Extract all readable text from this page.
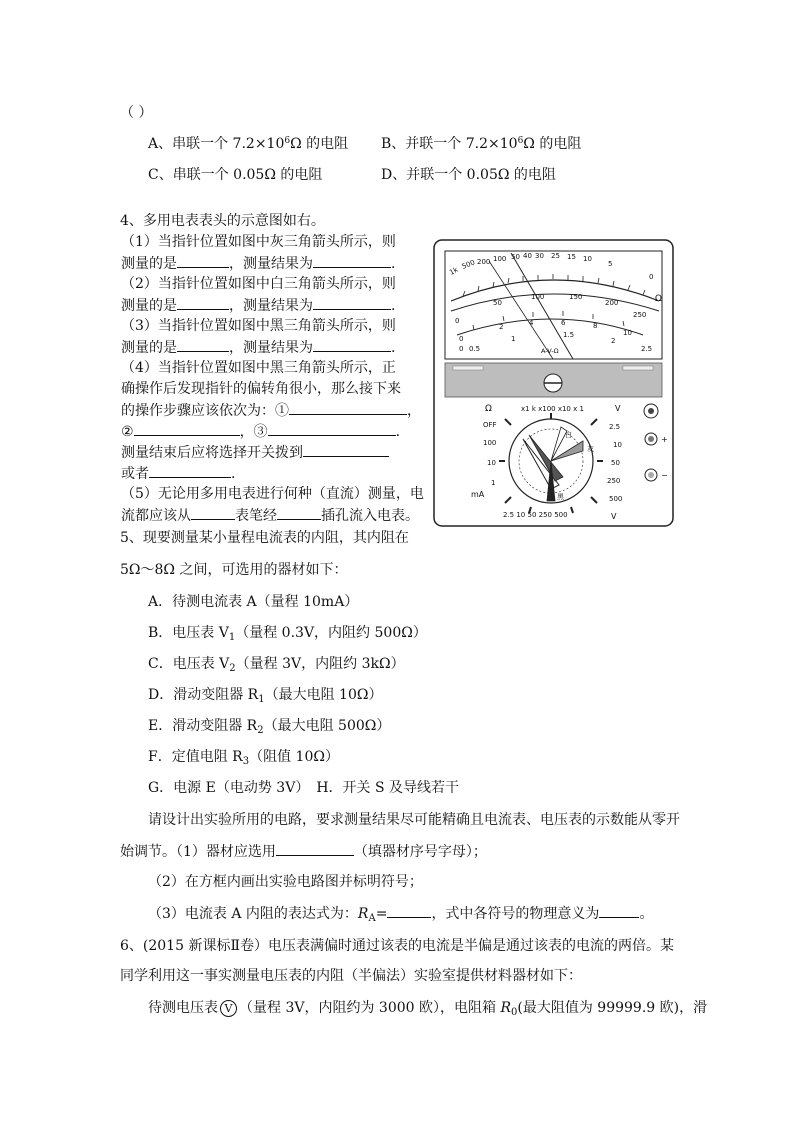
（ ）
A、串联一个 $7.2\times 10^6\Omega$ 的电阻 B、并联一个 $7.2\times 10^6\Omega$ 的电阻
C、串联一个 0.05Ω 的电阻	D、并联一个 0.05Ω 的电阻
4、多用电表表头的示意图如右。
（1）当指针位置如图中灰三角箭头所示，则
测量的是	，测量结果为	.
（2）当指针位置如图中白三角箭头所示，则
测量的是	，测量结果为	.
（3）当指针位置如图中黑三角箭头所示，则
测量的是	，测量结果为	.
（4）当指针位置如图中黑三角箭头所示，正
确操作后发现指针的偏转角很小，那么接下来
的操作步骤应该依次为：①	，
②	，③	.
测量结束后应将选择开关拨到
或者	.
（5）无论用多用电表进行何种（直流）测量，电
流都应该从	表笔经	插孔流入电表。
1k
500 200 100 50 40 30 25 15 10
5
0
Ω
0
50
100	150
200
250
0
2	4	6	8
10
0 0.5
1	1.5
2
2.5
A-V-Ω
Ω	x1 k x100 x10 x 1	V
白
灰
黑
OFF
100
10
1
mA
2.5
10
50
250
500
2.5 10 50 250 500	V
+
−
5、现要测量某小量程电流表的内阻，其内阻在
5Ω～8Ω 之间，可选用的器材如下：
A．待测电流表 A（量程 10mA）
B．电压表 $V_1$（量程 0.3V，内阻约 500Ω）
C．电压表 $V_2$（量程 3V，内阻约 3kΩ）
D．滑动变阻器 $R_1$（最大电阻 10Ω）
E．滑动变阻器 $R_2$（最大电阻 500Ω）
F．定值电阻 $R_3$（阻值 10Ω）
G．电源 E（电动势 3V）　H．开关 S 及导线若干
请设计出实验所用的电路，要求测量结果尽可能精确且电流表、电压表的示数能从零开
始调节。（1）器材应选用	（填器材序号字母）；
（2）在方框内画出实验电路图并标明符号；
（3）电流表 A 内阻的表达式为：$R_A=$	，式中各符号的物理意义为	。
6、(2015 新课标Ⅱ卷）电压表满偏时通过该表的电流是半偏是通过该表的电流的两倍。某
同学利用这一事实测量电压表的内阻（半偏法）实验室提供材料器材如下：
待测电压表 V （量程 3V，内阻约为 3000 欧），电阻箱 $R_0$(最大阻值为 99999.9 欧)，滑
